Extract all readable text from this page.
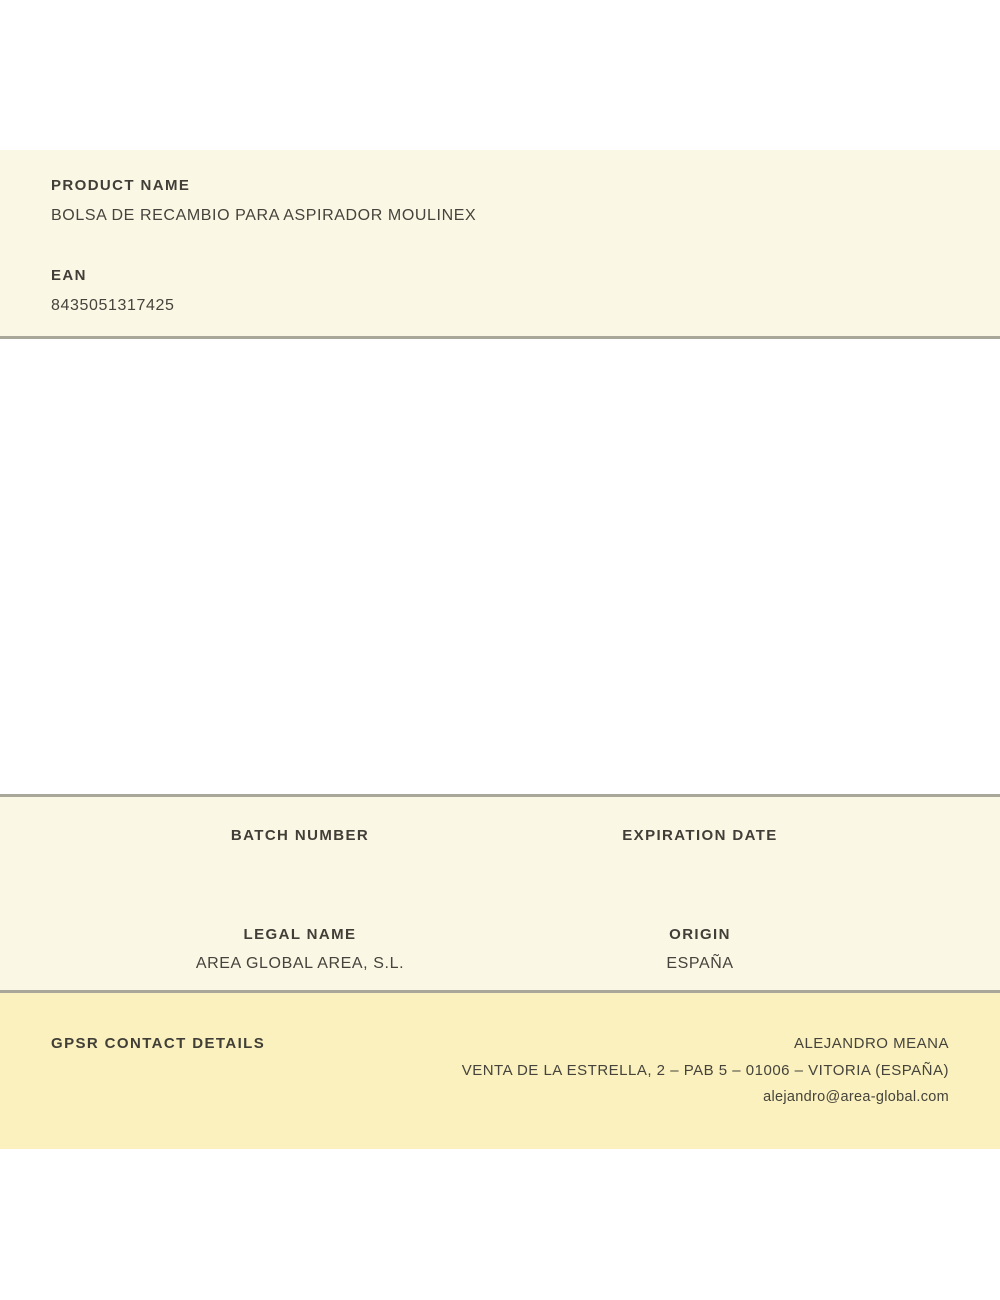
PRODUCT NAME
BOLSA DE RECAMBIO PARA ASPIRADOR MOULINEX
EAN
8435051317425
BATCH NUMBER	EXPIRATION DATE
LEGAL NAME
AREA GLOBAL AREA, S.L.
ORIGIN
ESPAÑA
GPSR CONTACT DETAILS	ALEJANDRO MEANA
VENTA DE LA ESTRELLA, 2 – PAB 5 – 01006 – VITORIA (ESPAÑA)
alejandro@area-global.com
